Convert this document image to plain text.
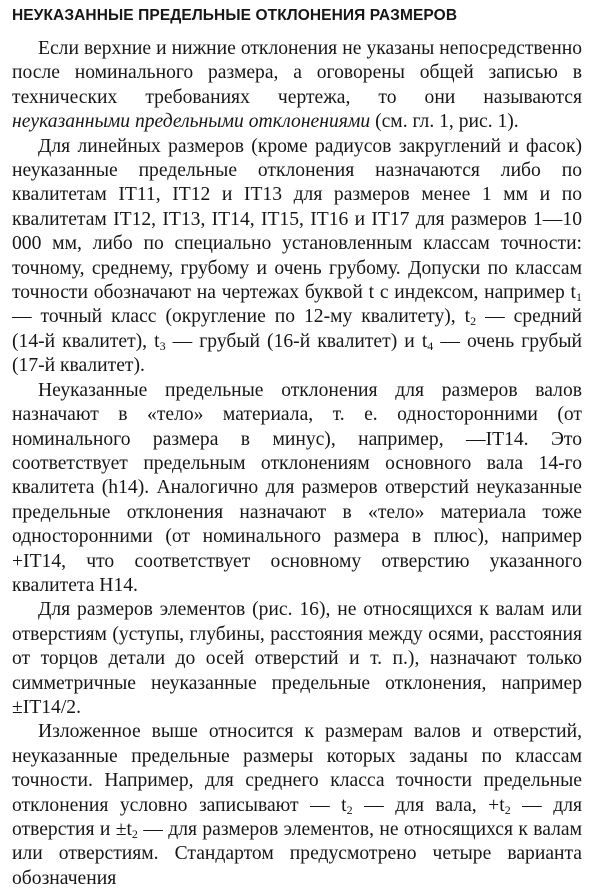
НЕУКАЗАННЫЕ ПРЕДЕЛЬНЫЕ ОТКЛОНЕНИЯ РАЗМЕРОВ

Если верхние и нижние отклонения не указаны непосредственно после номинального размера, а оговорены общей записью в технических требованиях чертежа, то они называются неуказанными предельными отклонениями (см. гл. 1, рис. 1).

Для линейных размеров (кроме радиусов закруглений и фасок) неуказанные предельные отклонения назначаются либо по квалитетам IT11, IT12 и IT13 для размеров менее 1 мм и по квалитетам IT12, IT13, IT14, IT15, IT16 и IT17 для размеров 1—10 000 мм, либо по специально установленным классам точности: точному, среднему, грубому и очень грубому. Допуски по классам точности обозначают на чертежах буквой t с индексом, например $t_1$ — точный класс (округление по 12-му квалитету), $t_2$ — средний (14-й квалитет), $t_3$ — грубый (16-й квалитет) и $t_4$ — очень грубый (17-й квалитет).

Неуказанные предельные отклонения для размеров валов назначают в «тело» материала, т. е. односторонними (от номинального размера в минус), например, —IT14. Это соответствует предельным отклонениям основного вала 14-го квалитета (h14). Аналогично для размеров отверстий неуказанные предельные отклонения назначают в «тело» материала тоже односторонними (от номинального размера в плюс), например +IT14, что соответствует основному отверстию указанного квалитета H14.

Для размеров элементов (рис. 16), не относящихся к валам или отверстиям (уступы, глубины, расстояния между осями, расстояния от торцов детали до осей отверстий и т. п.), назначают только симметричные неуказанные предельные отклонения, например ±IT14/2.

Изложенное выше относится к размерам валов и отверстий, неуказанные предельные размеры которых заданы по классам точности. Например, для среднего класса точности предельные отклонения условно записывают — $t_2$ — для вала, $+t_2$ — для отверстия $и \pm t_2$ — для размеров элементов, не относящихся к валам или отверстиям. Стандартом предусмотрено четыре варианта обозначения
